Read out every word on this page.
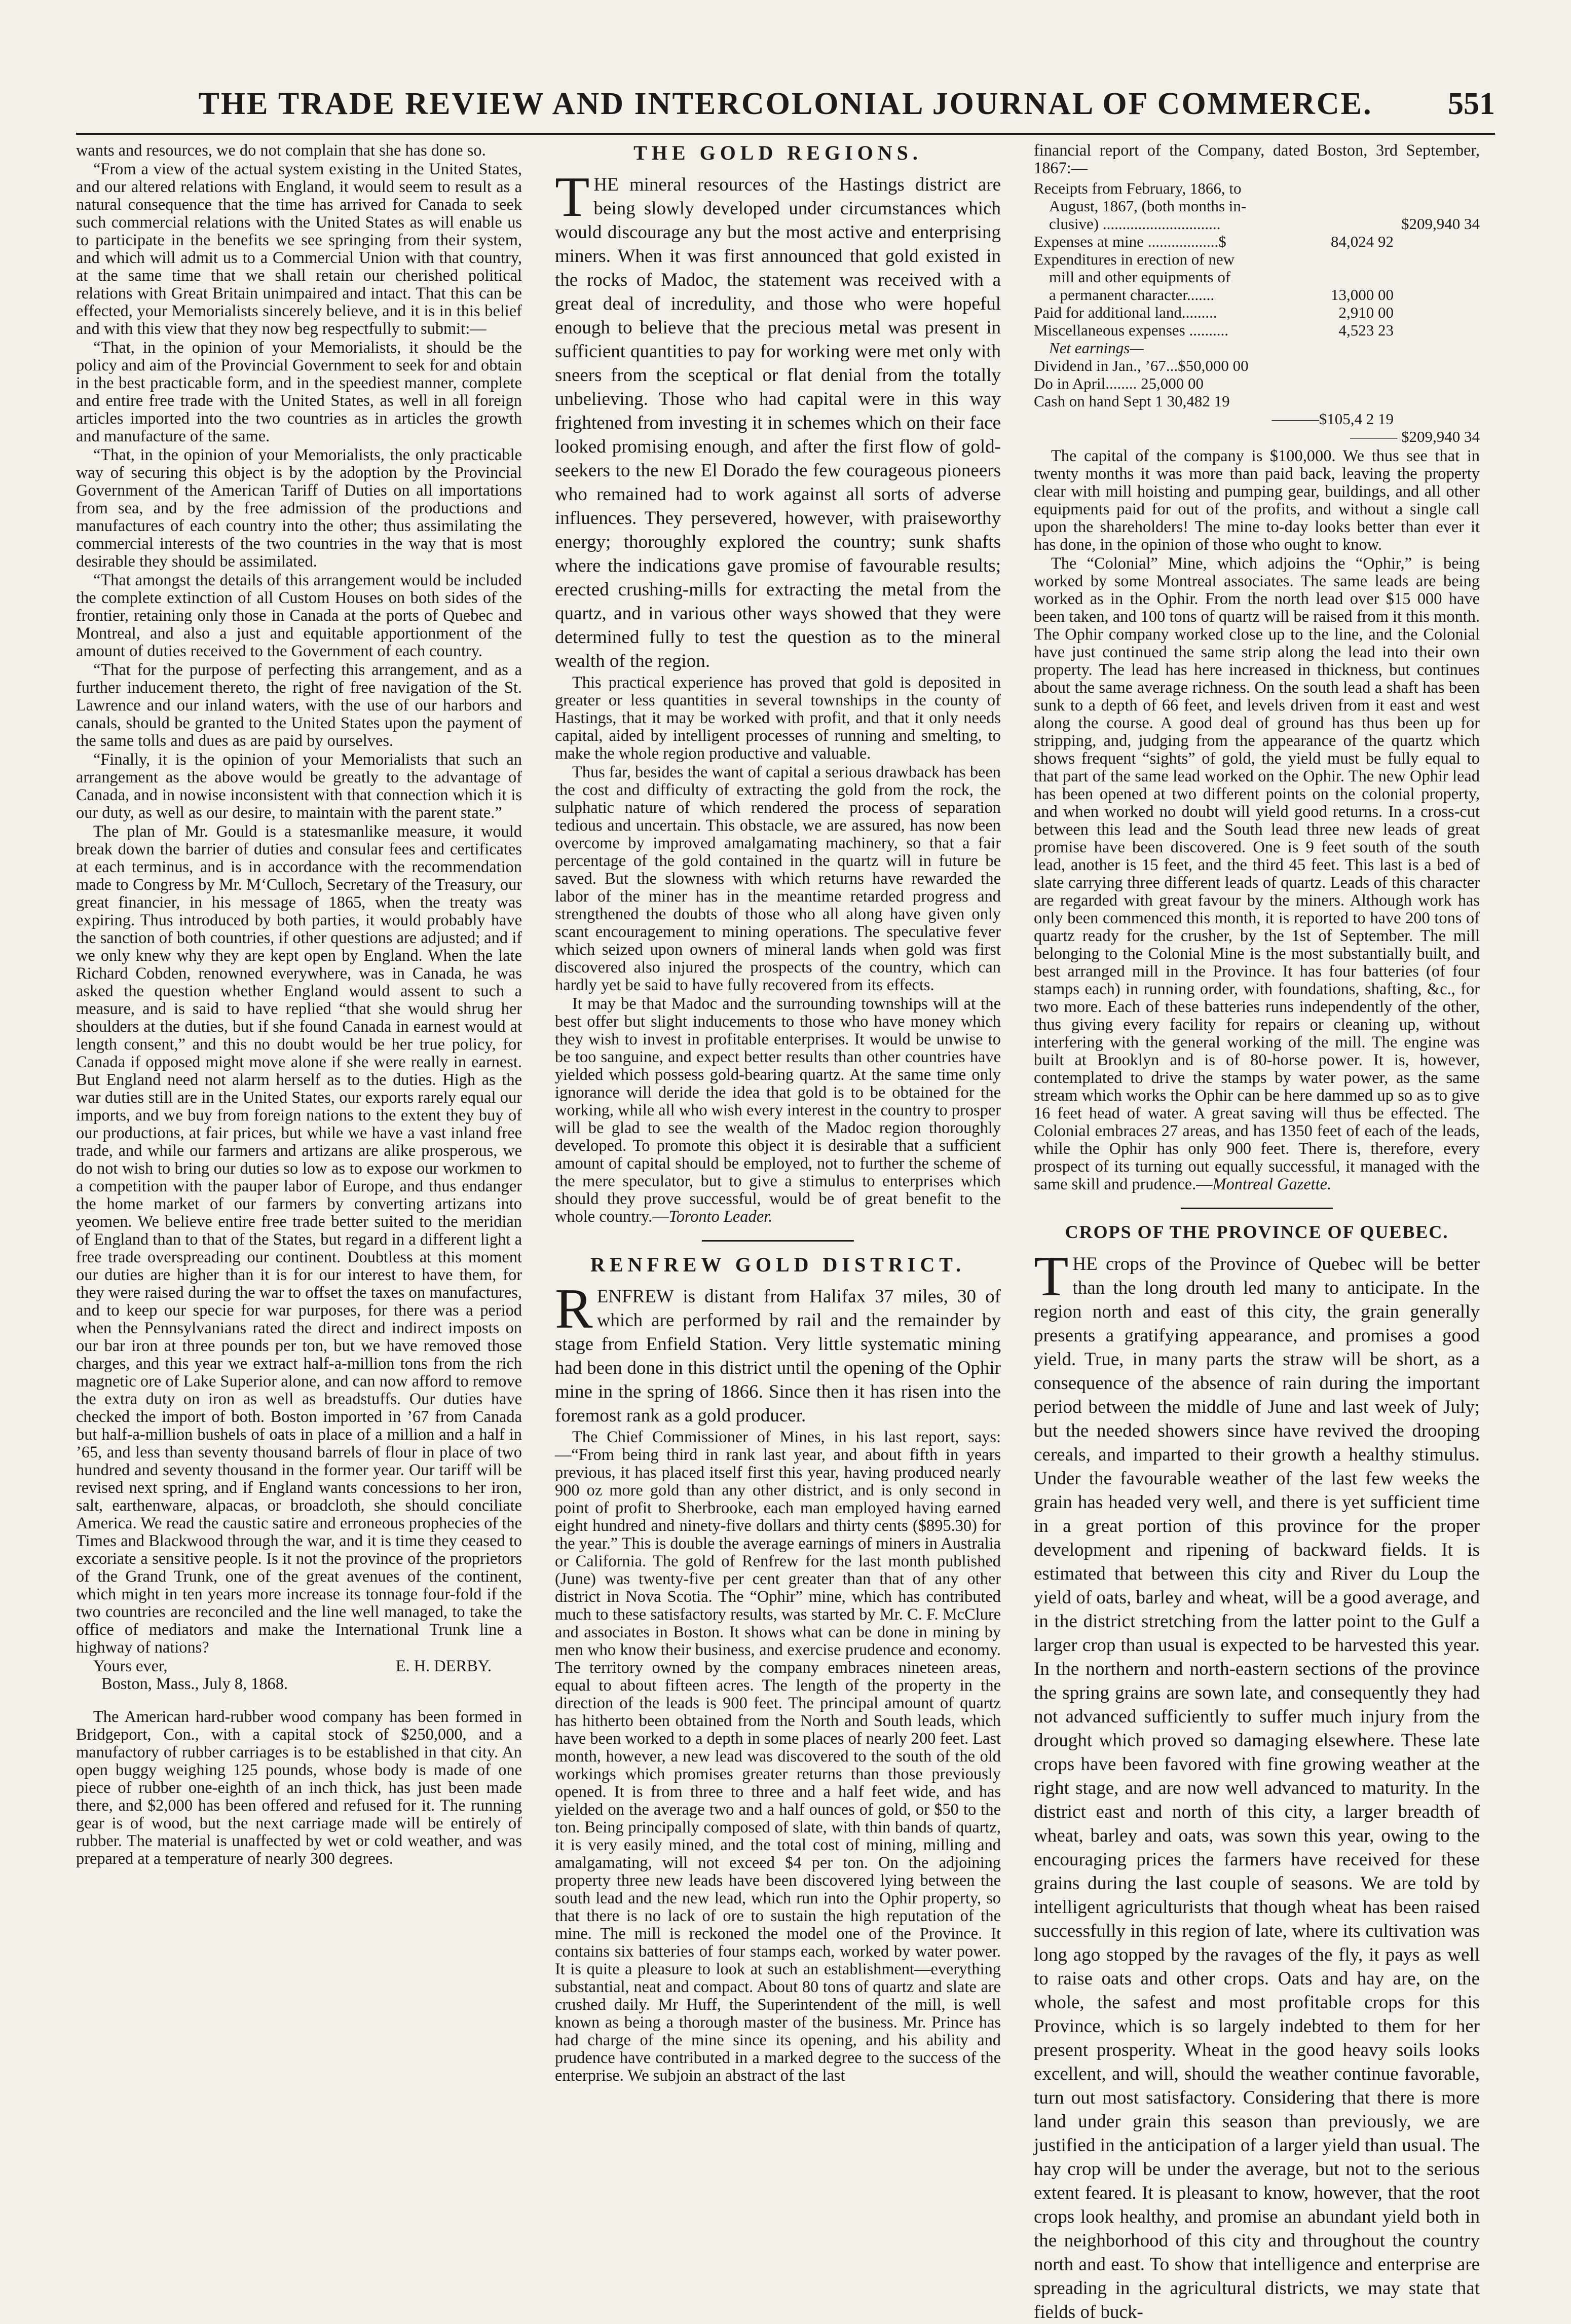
THE TRADE REVIEW AND INTERCOLONIAL JOURNAL OF COMMERCE.	551

wants and resources, we do not complain that she has done so.

“From a view of the actual system existing in the United States, and our altered relations with England, it would seem to result as a natural consequence that the time has arrived for Canada to seek such commercial relations with the United States as will enable us to participate in the benefits we see springing from their system, and which will admit us to a Commercial Union with that country, at the same time that we shall retain our cherished political relations with Great Britain unimpaired and intact. That this can be effected, your Memorialists sincerely believe, and it is in this belief and with this view that they now beg respectfully to submit:—

“That, in the opinion of your Memorialists, it should be the policy and aim of the Provincial Government to seek for and obtain in the best practicable form, and in the speediest manner, complete and entire free trade with the United States, as well in all foreign articles imported into the two countries as in articles the growth and manufacture of the same.

“That, in the opinion of your Memorialists, the only practicable way of securing this object is by the adoption by the Provincial Government of the American Tariff of Duties on all importations from sea, and by the free admission of the productions and manufactures of each country into the other; thus assimilating the commercial interests of the two countries in the way that is most desirable they should be assimilated.

“That amongst the details of this arrangement would be included the complete extinction of all Custom Houses on both sides of the frontier, retaining only those in Canada at the ports of Quebec and Montreal, and also a just and equitable apportionment of the amount of duties received to the Government of each country.

“That for the purpose of perfecting this arrangement, and as a further inducement thereto, the right of free navigation of the St. Lawrence and our inland waters, with the use of our harbors and canals, should be granted to the United States upon the payment of the same tolls and dues as are paid by ourselves.

“Finally, it is the opinion of your Memorialists that such an arrangement as the above would be greatly to the advantage of Canada, and in nowise inconsistent with that connection which it is our duty, as well as our desire, to maintain with the parent state.”

The plan of Mr. Gould is a statesmanlike measure, it would break down the barrier of duties and consular fees and certificates at each terminus, and is in accordance with the recommendation made to Congress by Mr. M‘Culloch, Secretary of the Treasury, our great financier, in his message of 1865, when the treaty was expiring. Thus introduced by both parties, it would probably have the sanction of both countries, if other questions are adjusted; and if we only knew why they are kept open by England. When the late Richard Cobden, renowned everywhere, was in Canada, he was asked the question whether England would assent to such a measure, and is said to have replied “that she would shrug her shoulders at the duties, but if she found Canada in earnest would at length consent,” and this no doubt would be her true policy, for Canada if opposed might move alone if she were really in earnest. But England need not alarm herself as to the duties. High as the war duties still are in the United States, our exports rarely equal our imports, and we buy from foreign nations to the extent they buy of our productions, at fair prices, but while we have a vast inland free trade, and while our farmers and artizans are alike prosperous, we do not wish to bring our duties so low as to expose our workmen to a competition with the pauper labor of Europe, and thus endanger the home market of our farmers by converting artizans into yeomen. We believe entire free trade better suited to the meridian of England than to that of the States, but regard in a different light a free trade overspreading our continent. Doubtless at this moment our duties are higher than it is for our interest to have them, for they were raised during the war to offset the taxes on manufactures, and to keep our specie for war purposes, for there was a period when the Pennsylvanians rated the direct and indirect imposts on our bar iron at three pounds per ton, but we have removed those charges, and this year we extract half-a-million tons from the rich magnetic ore of Lake Superior alone, and can now afford to remove the extra duty on iron as well as breadstuffs. Our duties have checked the import of both. Boston imported in ’67 from Canada but half-a-million bushels of oats in place of a million and a half in ’65, and less than seventy thousand barrels of flour in place of two hundred and seventy thousand in the former year. Our tariff will be revised next spring, and if England wants concessions to her iron, salt, earthenware, alpacas, or broadcloth, she should conciliate America. We read the caustic satire and erroneous prophecies of the Times and Blackwood through the war, and it is time they ceased to excoriate a sensitive people. Is it not the province of the proprietors of the Grand Trunk, one of the great avenues of the continent, which might in ten years more increase its tonnage four-fold if the two countries are reconciled and the line well managed, to take the office of mediators and make the International Trunk line a highway of nations?

Yours ever,	E. H. DERBY.
Boston, Mass., July 8, 1868.

The American hard-rubber wood company has been formed in Bridgeport, Con., with a capital stock of $250,000, and a manufactory of rubber carriages is to be established in that city. An open buggy weighing 125 pounds, whose body is made of one piece of rubber one-eighth of an inch thick, has just been made there, and $2,000 has been offered and refused for it. The running gear is of wood, but the next carriage made will be entirely of rubber. The material is unaffected by wet or cold weather, and was prepared at a temperature of nearly 300 degrees.

THE GOLD REGIONS.

THE mineral resources of the Hastings district are being slowly developed under circumstances which would discourage any but the most active and enterprising miners. When it was first announced that gold existed in the rocks of Madoc, the statement was received with a great deal of incredulity, and those who were hopeful enough to believe that the precious metal was present in sufficient quantities to pay for working were met only with sneers from the sceptical or flat denial from the totally unbelieving. Those who had capital were in this way frightened from investing it in schemes which on their face looked promising enough, and after the first flow of gold-seekers to the new El Dorado the few courageous pioneers who remained had to work against all sorts of adverse influences. They persevered, however, with praiseworthy energy; thoroughly explored the country; sunk shafts where the indications gave promise of favourable results; erected crushing-mills for extracting the metal from the quartz, and in various other ways showed that they were determined fully to test the question as to the mineral wealth of the region.

This practical experience has proved that gold is deposited in greater or less quantities in several townships in the county of Hastings, that it may be worked with profit, and that it only needs capital, aided by intelligent processes of running and smelting, to make the whole region productive and valuable.

Thus far, besides the want of capital a serious drawback has been the cost and difficulty of extracting the gold from the rock, the sulphatic nature of which rendered the process of separation tedious and uncertain. This obstacle, we are assured, has now been overcome by improved amalgamating machinery, so that a fair percentage of the gold contained in the quartz will in future be saved. But the slowness with which returns have rewarded the labor of the miner has in the meantime retarded progress and strengthened the doubts of those who all along have given only scant encouragement to mining operations. The speculative fever which seized upon owners of mineral lands when gold was first discovered also injured the prospects of the country, which can hardly yet be said to have fully recovered from its effects.

It may be that Madoc and the surrounding townships will at the best offer but slight inducements to those who have money which they wish to invest in profitable enterprises. It would be unwise to be too sanguine, and expect better results than other countries have yielded which possess gold-bearing quartz. At the same time only ignorance will deride the idea that gold is to be obtained for the working, while all who wish every interest in the country to prosper will be glad to see the wealth of the Madoc region thoroughly developed. To promote this object it is desirable that a sufficient amount of capital should be employed, not to further the scheme of the mere speculator, but to give a stimulus to enterprises which should they prove successful, would be of great benefit to the whole country.—Toronto Leader.

RENFREW GOLD DISTRICT.

RENFREW is distant from Halifax 37 miles, 30 of which are performed by rail and the remainder by stage from Enfield Station. Very little systematic mining had been done in this district until the opening of the Ophir mine in the spring of 1866. Since then it has risen into the foremost rank as a gold producer.

The Chief Commissioner of Mines, in his last report, says:—“From being third in rank last year, and about fifth in years previous, it has placed itself first this year, having produced nearly 900 oz more gold than any other district, and is only second in point of profit to Sherbrooke, each man employed having earned eight hundred and ninety-five dollars and thirty cents ($895.30) for the year.” This is double the average earnings of miners in Australia or California. The gold of Renfrew for the last month published (June) was twenty-five per cent greater than that of any other district in Nova Scotia. The “Ophir” mine, which has contributed much to these satisfactory results, was started by Mr. C. F. McClure and associates in Boston. It shows what can be done in mining by men who know their business, and exercise prudence and economy. The territory owned by the company embraces nineteen areas, equal to about fifteen acres. The length of the property in the direction of the leads is 900 feet. The principal amount of quartz has hitherto been obtained from the North and South leads, which have been worked to a depth in some places of nearly 200 feet. Last month, however, a new lead was discovered to the south of the old workings which promises greater returns than those previously opened. It is from three to three and a half feet wide, and has yielded on the average two and a half ounces of gold, or $50 to the ton. Being principally composed of slate, with thin bands of quartz, it is very easily mined, and the total cost of mining, milling and amalgamating, will not exceed $4 per ton. On the adjoining property three new leads have been discovered lying between the south lead and the new lead, which run into the Ophir property, so that there is no lack of ore to sustain the high reputation of the mine. The mill is reckoned the model one of the Province. It contains six batteries of four stamps each, worked by water power. It is quite a pleasure to look at such an establishment—everything substantial, neat and compact. About 80 tons of quartz and slate are crushed daily. Mr Huff, the Superintendent of the mill, is well known as being a thorough master of the business. Mr. Prince has had charge of the mine since its opening, and his ability and prudence have contributed in a marked degree to the success of the enterprise. We subjoin an abstract of the last

financial report of the Company, dated Boston, 3rd September, 1867:—

Receipts from February, 1866, to
August, 1867, (both months in-
clusive) ..............................	$209,940 34
Expenses at mine ..................$	84,024 92
Expenditures in erection of new
mill and other equipments of
a permanent character.......	13,000 00
Paid for additional land.........	2,910 00
Miscellaneous expenses ..........	4,523 23
Net earnings—
Dividend in Jan., ’67...$50,000 00
Do in April........ 25,000 00
Cash on hand Sept 1 30,482 19
———$105,4 2 19
——— $209,940 34

The capital of the company is $100,000. We thus see that in twenty months it was more than paid back, leaving the property clear with mill hoisting and pumping gear, buildings, and all other equipments paid for out of the profits, and without a single call upon the shareholders! The mine to-day looks better than ever it has done, in the opinion of those who ought to know.

The “Colonial” Mine, which adjoins the “Ophir,” is being worked by some Montreal associates. The same leads are being worked as in the Ophir. From the north lead over $15 000 have been taken, and 100 tons of quartz will be raised from it this month. The Ophir company worked close up to the line, and the Colonial have just continued the same strip along the lead into their own property. The lead has here increased in thickness, but continues about the same average richness. On the south lead a shaft has been sunk to a depth of 66 feet, and levels driven from it east and west along the course. A good deal of ground has thus been up for stripping, and, judging from the appearance of the quartz which shows frequent “sights” of gold, the yield must be fully equal to that part of the same lead worked on the Ophir. The new Ophir lead has been opened at two different points on the colonial property, and when worked no doubt will yield good returns. In a cross-cut between this lead and the South lead three new leads of great promise have been discovered. One is 9 feet south of the south lead, another is 15 feet, and the third 45 feet. This last is a bed of slate carrying three different leads of quartz. Leads of this character are regarded with great favour by the miners. Although work has only been commenced this month, it is reported to have 200 tons of quartz ready for the crusher, by the 1st of September. The mill belonging to the Colonial Mine is the most substantially built, and best arranged mill in the Province. It has four batteries (of four stamps each) in running order, with foundations, shafting, &c., for two more. Each of these batteries runs independently of the other, thus giving every facility for repairs or cleaning up, without interfering with the general working of the mill. The engine was built at Brooklyn and is of 80-horse power. It is, however, contemplated to drive the stamps by water power, as the same stream which works the Ophir can be here dammed up so as to give 16 feet head of water. A great saving will thus be effected. The Colonial embraces 27 areas, and has 1350 feet of each of the leads, while the Ophir has only 900 feet. There is, therefore, every prospect of its turning out equally successful, it managed with the same skill and prudence.—Montreal Gazette.

CROPS OF THE PROVINCE OF QUEBEC.

THE crops of the Province of Quebec will be better than the long drouth led many to anticipate. In the region north and east of this city, the grain generally presents a gratifying appearance, and promises a good yield. True, in many parts the straw will be short, as a consequence of the absence of rain during the important period between the middle of June and last week of July; but the needed showers since have revived the drooping cereals, and imparted to their growth a healthy stimulus. Under the favourable weather of the last few weeks the grain has headed very well, and there is yet sufficient time in a great portion of this province for the proper development and ripening of backward fields. It is estimated that between this city and River du Loup the yield of oats, barley and wheat, will be a good average, and in the district stretching from the latter point to the Gulf a larger crop than usual is expected to be harvested this year. In the northern and north-eastern sections of the province the spring grains are sown late, and consequently they had not advanced sufficiently to suffer much injury from the drought which proved so damaging elsewhere. These late crops have been favored with fine growing weather at the right stage, and are now well advanced to maturity. In the district east and north of this city, a larger breadth of wheat, barley and oats, was sown this year, owing to the encouraging prices the farmers have received for these grains during the last couple of seasons. We are told by intelligent agriculturists that though wheat has been raised successfully in this region of late, where its cultivation was long ago stopped by the ravages of the fly, it pays as well to raise oats and other crops. Oats and hay are, on the whole, the safest and most profitable crops for this Province, which is so largely indebted to them for her present prosperity. Wheat in the good heavy soils looks excellent, and will, should the weather continue favorable, turn out most satisfactory. Considering that there is more land under grain this season than previously, we are justified in the anticipation of a larger yield than usual. The hay crop will be under the average, but not to the serious extent feared. It is pleasant to know, however, that the root crops look healthy, and promise an abundant yield both in the neighborhood of this city and throughout the country north and east. To show that intelligence and enterprise are spreading in the agricultural districts, we may state that fields of buck-
